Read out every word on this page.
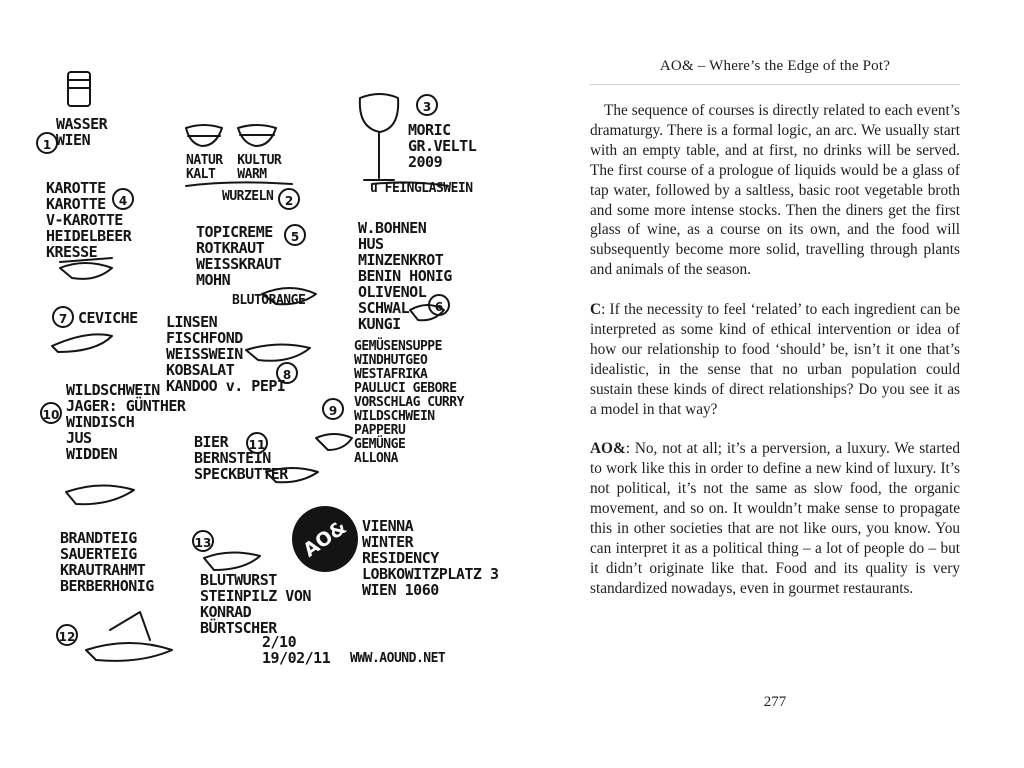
1
2
3
4
5
6
7
8
9
10
11
12
13
WASSER
WIEN
NATUR  KULTUR
KALT   WARM
WURZELN
MORIC
GR.VELTL
2009
u FEINGLASWEIN
KAROTTE
KAROTTE
V-KAROTTE
HEIDELBEER
KRESSE
TOPICREME
ROTKRAUT
WEISSKRAUT
MOHN
BLUTORANGE
W.BOHNEN
HUS
MINZENKROT
BENIN HONIG
OLIVENOL
SCHWAL
KUNGI
CEVICHE LINSEN
FISCHFOND
WEISSWEIN
KOBSALAT
KANDOO v. PEPI
GEMÜSENSUPPE
WINDHUTGEO
WESTAFRIKA
PAULUCI GEBORE
VORSCHLAG CURRY
WILDSCHWEIN
PAPPERU
GEMÜNGE
ALLONA
WILDSCHWEIN
JAGER: GÜNTHER
WINDISCH
JUS
WIDDEN
BIER
BERNSTEIN
SPECKBUTTER
BRANDTEIG
SAUERTEIG
KRAUTRAHMT
BERBERHONIG
VIENNA
WINTER
RESIDENCY
LOBKOWITZPLATZ 3
WIEN 1060
BLUTWURST
STEINPILZ VON
KONRAD
BÜRTSCHER
2/10
19/02/11 WWW.AOUND.NET
AO&
AO& – Where’s the Edge of the Pot?

The sequence of courses is directly related to each event’s dramaturgy. There is a formal logic, an arc. We usually start with an empty table, and at first, no drinks will be served. The first course of a prologue of liquids would be a glass of tap water, followed by a saltless, basic root vegetable broth and some more intense stocks. Then the diners get the first glass of wine, as a course on its own, and the food will subsequently become more solid, travelling through plants and animals of the season.

C: If the necessity to feel ‘related’ to each ingredient can be interpreted as some kind of ethical intervention or idea of how our relationship to food ‘should’ be, isn’t it one that’s idealistic, in the sense that no urban population could sustain these kinds of direct relationships? Do you see it as a model in that way?

AO&: No, not at all; it’s a perversion, a luxury. We started to work like this in order to define a new kind of luxury. It’s not political, it’s not the same as slow food, the organic movement, and so on. It wouldn’t make sense to propagate this in other societies that are not like ours, you know. You can interpret it as a political thing – a lot of people do – but it didn’t originate like that. Food and its quality is very standardized nowadays, even in gourmet restaurants.

277
